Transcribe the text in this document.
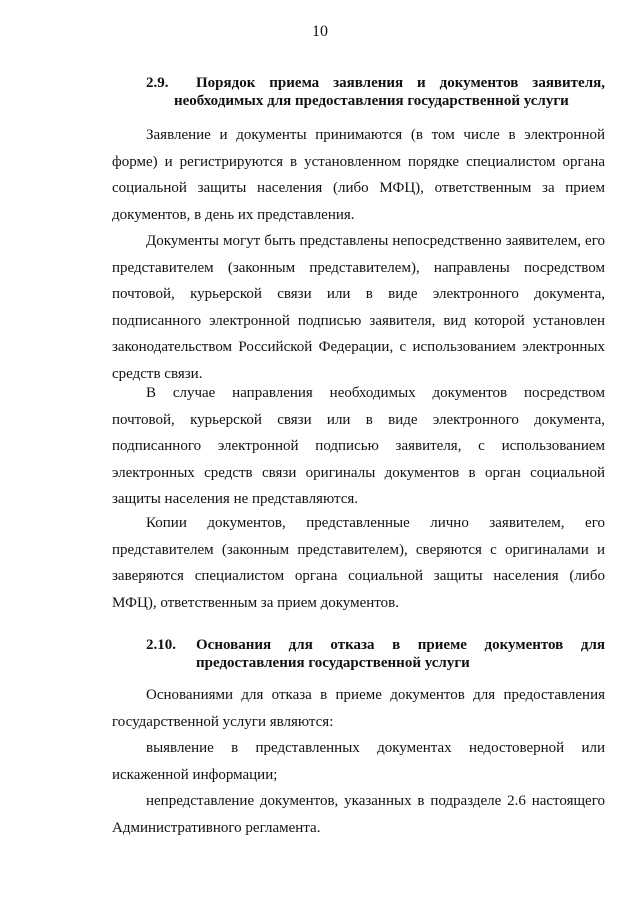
10
2.9.	Порядок приема заявления и документов заявителя,
необходимых для предоставления государственной услуги

Заявление и документы принимаются (в том числе в электронной форме) и регистрируются в установленном порядке специалистом органа социальной защиты населения (либо МФЦ), ответственным за прием документов, в день их представления.

Документы могут быть представлены непосредственно заявителем, его представителем (законным представителем), направлены посредством почтовой, курьерской связи или в виде электронного документа, подписанного электронной подписью заявителя, вид которой установлен законодательством Российской Федерации, с использованием электронных средств связи.

В случае направления необходимых документов посредством почтовой, курьерской связи или в виде электронного документа, подписанного электронной подписью заявителя, с использованием электронных средств связи оригиналы документов в орган социальной защиты населения не представляются.

Копии документов, представленные лично заявителем, его представителем (законным представителем), сверяются с оригиналами и заверяются специалистом органа социальной защиты населения (либо МФЦ), ответственным за прием документов.

2.10.	Основания для отказа в приеме документов для
предоставления государственной услуги

Основаниями для отказа в приеме документов для предоставления государственной услуги являются:

выявление в представленных документах недостоверной или искаженной информации;

непредставление документов, указанных в подразделе 2.6 настоящего Административного регламента.
